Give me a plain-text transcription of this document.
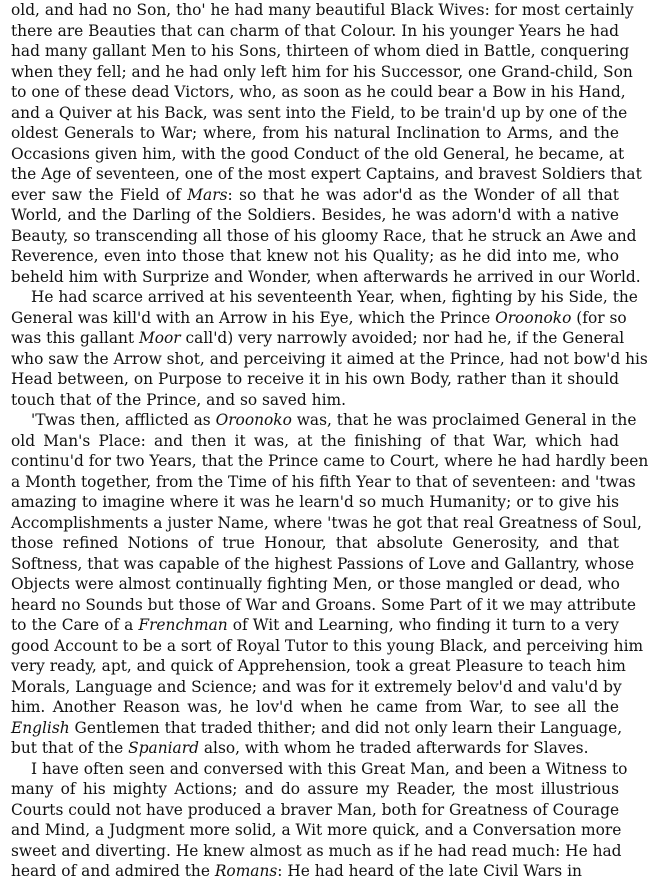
old, and had no Son, tho' he had many beautiful Black Wives: for most certainly
there are Beauties that can charm of that Colour. In his younger Years he had
had many gallant Men to his Sons, thirteen of whom died in Battle, conquering
when they fell; and he had only left him for his Successor, one Grand-child, Son
to one of these dead Victors, who, as soon as he could bear a Bow in his Hand,
and a Quiver at his Back, was sent into the Field, to be train'd up by one of the
oldest Generals to War; where, from his natural Inclination to Arms, and the
Occasions given him, with the good Conduct of the old General, he became, at
the Age of seventeen, one of the most expert Captains, and bravest Soldiers that
ever saw the Field of Mars: so that he was ador'd as the Wonder of all that
World, and the Darling of the Soldiers. Besides, he was adorn'd with a native
Beauty, so transcending all those of his gloomy Race, that he struck an Awe and
Reverence, even into those that knew not his Quality; as he did into me, who
beheld him with Surprize and Wonder, when afterwards he arrived in our World.
He had scarce arrived at his seventeenth Year, when, fighting by his Side, the
General was kill'd with an Arrow in his Eye, which the Prince Oroonoko (for so
was this gallant Moor call'd) very narrowly avoided; nor had he, if the General
who saw the Arrow shot, and perceiving it aimed at the Prince, had not bow'd his
Head between, on Purpose to receive it in his own Body, rather than it should
touch that of the Prince, and so saved him.
'Twas then, afflicted as Oroonoko was, that he was proclaimed General in the
old Man's Place: and then it was, at the finishing of that War, which had
continu'd for two Years, that the Prince came to Court, where he had hardly been
a Month together, from the Time of his fifth Year to that of seventeen: and 'twas
amazing to imagine where it was he learn'd so much Humanity; or to give his
Accomplishments a juster Name, where 'twas he got that real Greatness of Soul,
those refined Notions of true Honour, that absolute Generosity, and that
Softness, that was capable of the highest Passions of Love and Gallantry, whose
Objects were almost continually fighting Men, or those mangled or dead, who
heard no Sounds but those of War and Groans. Some Part of it we may attribute
to the Care of a Frenchman of Wit and Learning, who finding it turn to a very
good Account to be a sort of Royal Tutor to this young Black, and perceiving him
very ready, apt, and quick of Apprehension, took a great Pleasure to teach him
Morals, Language and Science; and was for it extremely belov'd and valu'd by
him. Another Reason was, he lov'd when he came from War, to see all the
English Gentlemen that traded thither; and did not only learn their Language,
but that of the Spaniard also, with whom he traded afterwards for Slaves.
I have often seen and conversed with this Great Man, and been a Witness to
many of his mighty Actions; and do assure my Reader, the most illustrious
Courts could not have produced a braver Man, both for Greatness of Courage
and Mind, a Judgment more solid, a Wit more quick, and a Conversation more
sweet and diverting. He knew almost as much as if he had read much: He had
heard of and admired the Romans: He had heard of the late Civil Wars in
